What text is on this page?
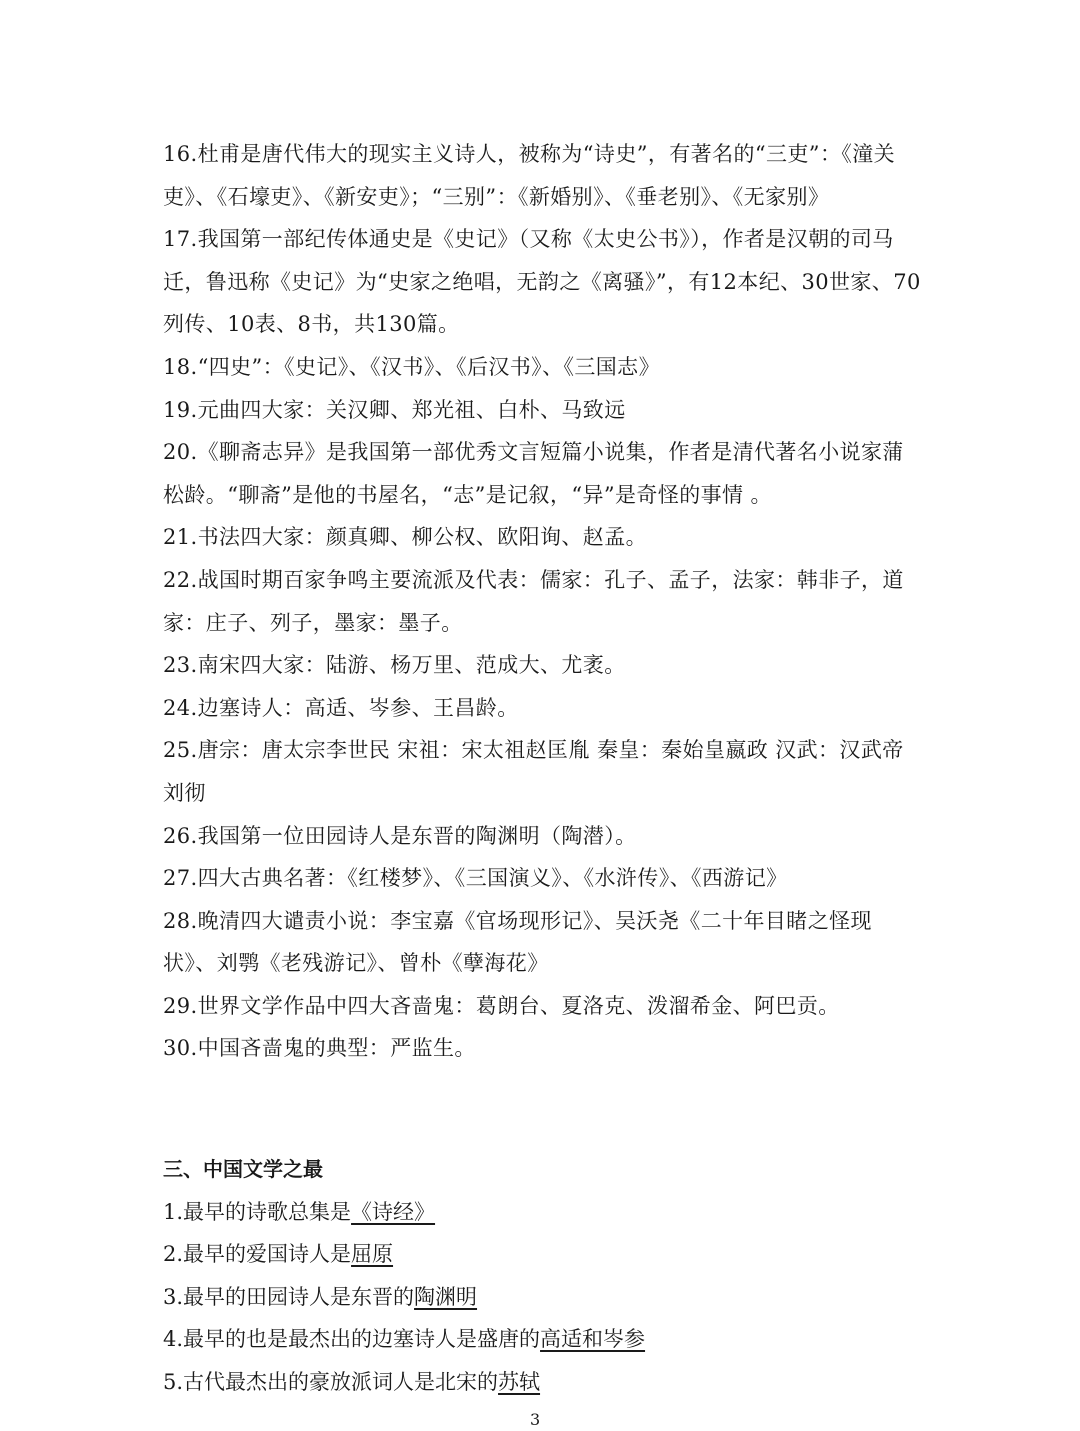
16.杜甫是唐代伟大的现实主义诗人，被称为“诗史”，有著名的“三吏”：《潼关吏》、《石壕吏》、《新安吏》；“三别”：《新婚别》、《垂老别》、《无家别》

17.我国第一部纪传体通史是《史记》（又称《太史公书》），作者是汉朝的司马迁，鲁迅称《史记》为“史家之绝唱，无韵之《离骚》”，有12本纪、30世家、70列传、10表、8书，共130篇。

18.“四史”：《史记》、《汉书》、《后汉书》、《三国志》

19.元曲四大家：关汉卿、郑光祖、白朴、马致远

20.《聊斋志异》是我国第一部优秀文言短篇小说集，作者是清代著名小说家蒲松龄。“聊斋”是他的书屋名，“志”是记叙，“异”是奇怪的事情 。

21.书法四大家：颜真卿、柳公权、欧阳询、赵孟。

22.战国时期百家争鸣主要流派及代表：儒家：孔子、孟子，法家：韩非子，道家：庄子、列子，墨家：墨子。

23.南宋四大家：陆游、杨万里、范成大、尤袤。

24.边塞诗人：高适、岑参、王昌龄。

25.唐宗：唐太宗李世民 宋祖：宋太祖赵匡胤 秦皇：秦始皇嬴政 汉武：汉武帝刘彻

26.我国第一位田园诗人是东晋的陶渊明（陶潜）。

27.四大古典名著：《红楼梦》、《三国演义》、《水浒传》、《西游记》

28.晚清四大谴责小说：李宝嘉《官场现形记》、吴沃尧《二十年目睹之怪现状》、刘鹗《老残游记》、曾朴《孽海花》

29.世界文学作品中四大吝啬鬼：葛朗台、夏洛克、泼溜希金、阿巴贡。

30.中国吝啬鬼的典型：严监生。

三、中国文学之最
1.最早的诗歌总集是《诗经》
2.最早的爱国诗人是屈原
3.最早的田园诗人是东晋的陶渊明
4.最早的也是最杰出的边塞诗人是盛唐的高适和岑参
5.古代最杰出的豪放派词人是北宋的苏轼
3
